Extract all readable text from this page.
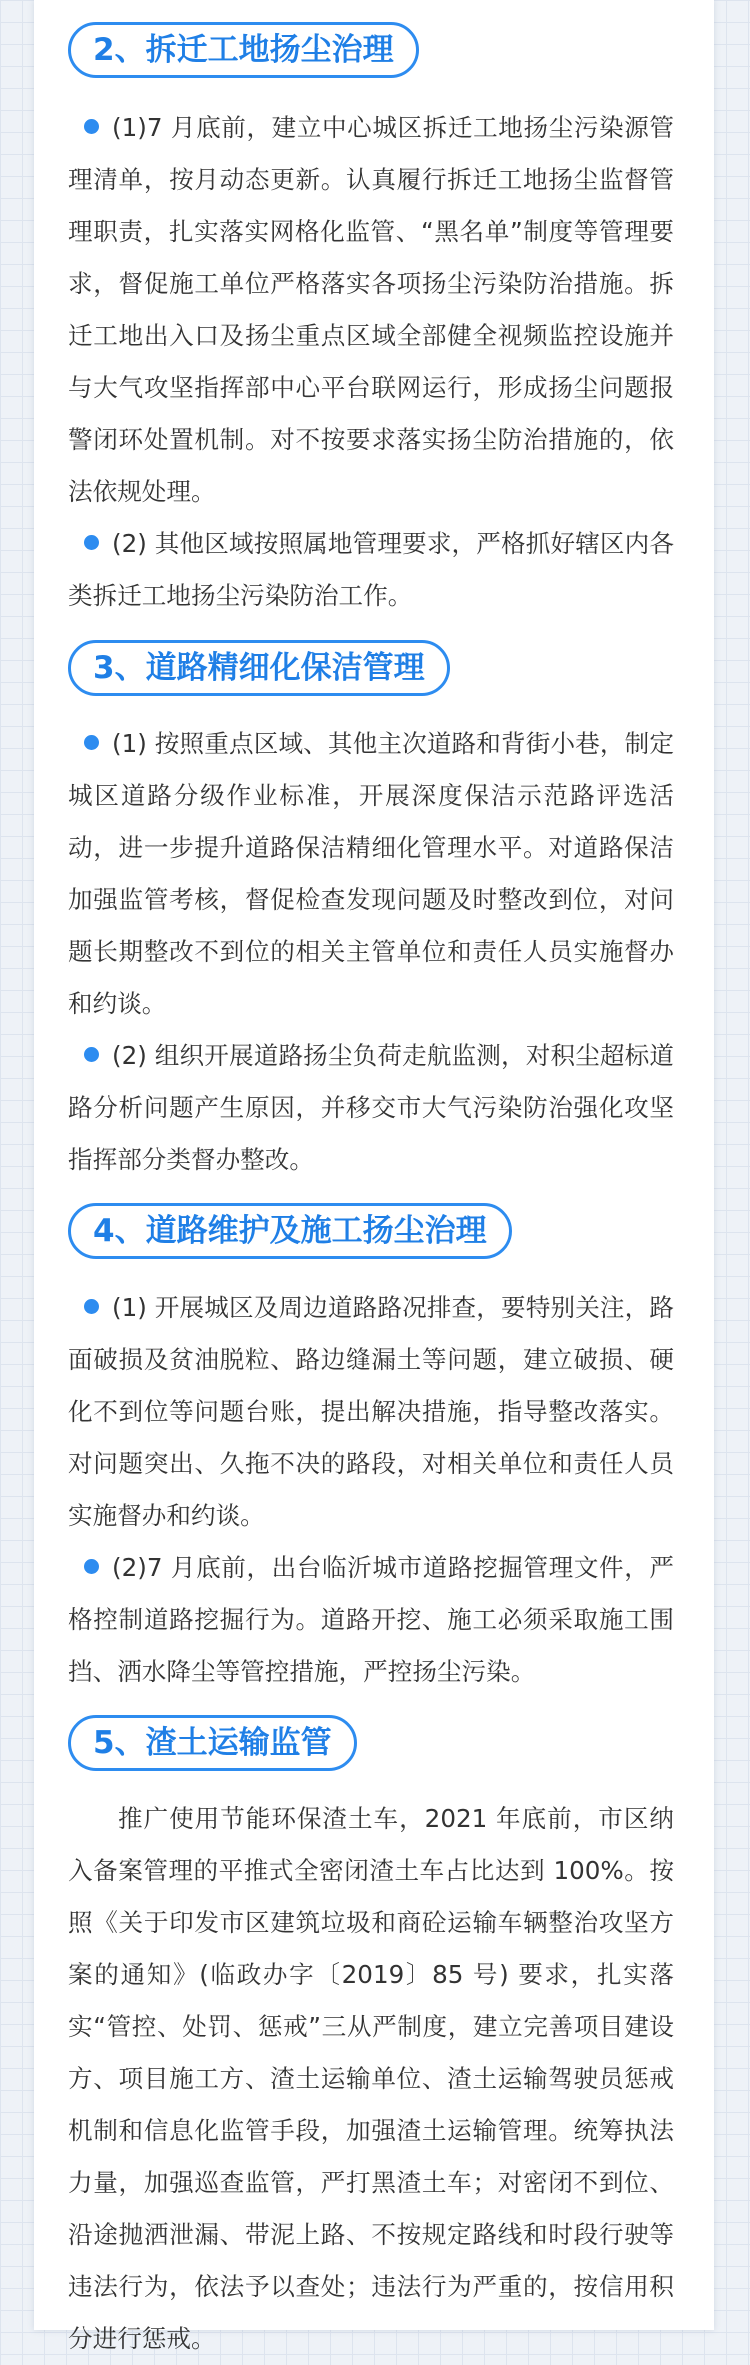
2、拆迁工地扬尘治理
(1)7 月底前，建立中心城区拆迁工地扬尘污染源管理清单，按月动态更新。认真履行拆迁工地扬尘监督管理职责，扎实落实网格化监管、“黑名单”制度等管理要求，督促施工单位严格落实各项扬尘污染防治措施。拆迁工地出入口及扬尘重点区域全部健全视频监控设施并与大气攻坚指挥部中心平台联网运行，形成扬尘问题报警闭环处置机制。对不按要求落实扬尘防治措施的，依法依规处理。
(2) 其他区域按照属地管理要求，严格抓好辖区内各类拆迁工地扬尘污染防治工作。
3、道路精细化保洁管理
(1) 按照重点区域、其他主次道路和背街小巷，制定城区道路分级作业标准，开展深度保洁示范路评选活动，进一步提升道路保洁精细化管理水平。对道路保洁加强监管考核，督促检查发现问题及时整改到位，对问题长期整改不到位的相关主管单位和责任人员实施督办和约谈。
(2) 组织开展道路扬尘负荷走航监测，对积尘超标道路分析问题产生原因，并移交市大气污染防治强化攻坚指挥部分类督办整改。
4、道路维护及施工扬尘治理
(1) 开展城区及周边道路路况排查，要特别关注，路面破损及贫油脱粒、路边缝漏土等问题，建立破损、硬化不到位等问题台账，提出解决措施，指导整改落实。对问题突出、久拖不决的路段，对相关单位和责任人员实施督办和约谈。
(2)7 月底前，出台临沂城市道路挖掘管理文件，严格控制道路挖掘行为。道路开挖、施工必须采取施工围挡、洒水降尘等管控措施，严控扬尘污染。
5、渣土运输监管
推广使用节能环保渣土车，2021 年底前，市区纳入备案管理的平推式全密闭渣土车占比达到 100%。按照《关于印发市区建筑垃圾和商砼运输车辆整治攻坚方案的通知》(临政办字〔2019〕85 号) 要求，扎实落实“管控、处罚、惩戒”三从严制度，建立完善项目建设方、项目施工方、渣土运输单位、渣土运输驾驶员惩戒机制和信息化监管手段，加强渣土运输管理。统筹执法力量，加强巡查监管，严打黑渣土车；对密闭不到位、沿途抛洒泄漏、带泥上路、不按规定路线和时段行驶等违法行为，依法予以查处；违法行为严重的，按信用积分进行惩戒。
